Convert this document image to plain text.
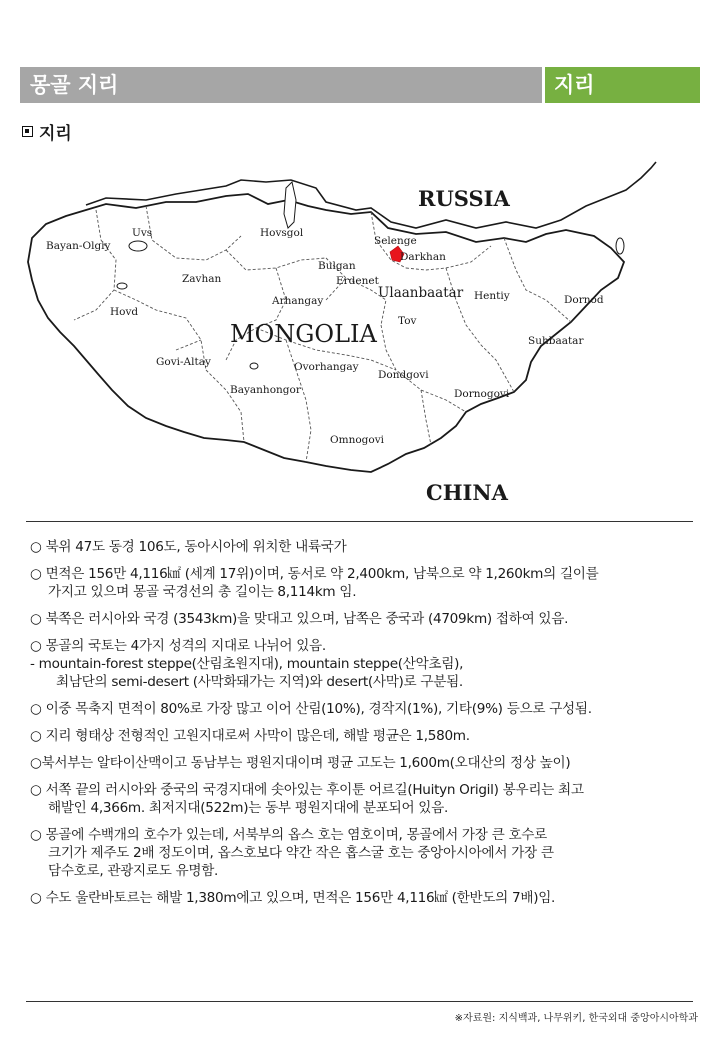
몽골 지리	지리
지리
RUSSIA
CHINA
MONGOLIA
Bayan-Olgiy
Uvs	Hovsgol
Selenge
Darkhan
Bulgan
Erdenet
Zavhan
Hovd
Arhangay	Ulaanbaatar Hentiy	Dornod
Tov
Suhbaatar
Govi-Altay	Ovorhangay
Dondgovi
Bayanhongor	Dornogovi
Omnogovi
○ 북위 47도 동경 106도, 동아시아에 위치한 내륙국가
○ 면적은 156만 4,116㎢ (세계 17위)이며, 동서로 약 2,400km, 남북으로 약 1,260km의 길이를
가지고 있으며 몽골 국경선의 총 길이는 8,114km 임.
○ 북쪽은 러시아와 국경 (3543km)을 맞대고 있으며, 남쪽은 중국과 (4709km) 접하여 있음.
○ 몽골의 국토는 4가지 성격의 지대로 나뉘어 있음.
- mountain-forest steppe(산림초원지대), mountain steppe(산악초림),
최남단의 semi-desert (사막화돼가는 지역)와 desert(사막)로 구분됨.
○ 이중 목축지 면적이 80%로 가장 많고 이어 산림(10%), 경작지(1%), 기타(9%) 등으로 구성됨.
○ 지리 형태상 전형적인 고원지대로써 사막이 많은데, 해발 평균은 1,580m.
○북서부는 알타이산맥이고 동남부는 평원지대이며 평균 고도는 1,600m(오대산의 정상 높이)
○ 서쪽 끝의 러시아와 중국의 국경지대에 솟아있는 후이툰 어르길(Huityn Origil) 봉우리는 최고
해발인 4,366m. 최저지대(522m)는 동부 평원지대에 분포되어 있음.
○ 몽골에 수백개의 호수가 있는데, 서북부의 옵스 호는 염호이며, 몽골에서 가장 큰 호수로
크기가 제주도 2배 정도이며, 옵스호보다 약간 작은 홉스굴 호는 중앙아시아에서 가장 큰
담수호로, 관광지로도 유명함.
○ 수도 울란바토르는 해발 1,380m에고 있으며, 면적은 156만 4,116㎢ (한반도의 7배)임.
※자료원: 지식백과, 나무위키, 한국외대 중앙아시아학과
